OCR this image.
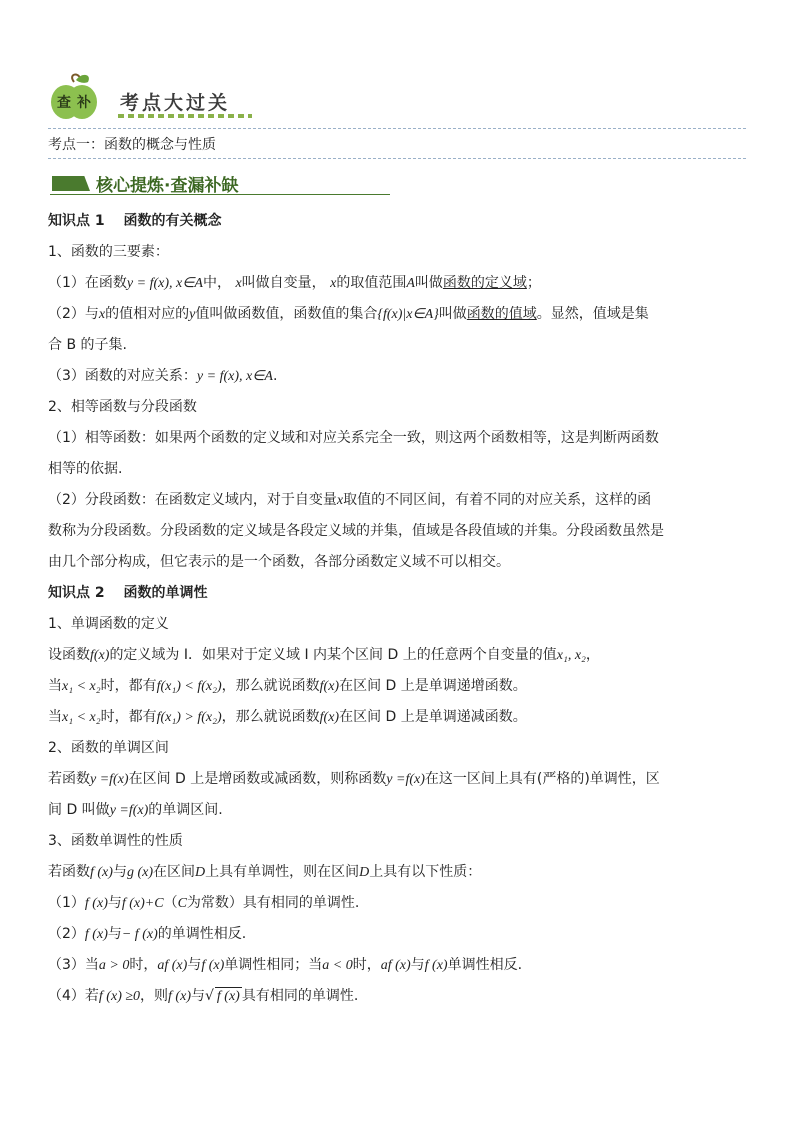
查 补 考点大过关
考点一：函数的概念与性质
核心提炼·查漏补缺

知识点 1　 函数的有关概念

1、函数的三要素：

（1）在函数y = f(x), x∈A中， x叫做自变量， x的取值范围A叫做函数的定义域；

（2）与x的值相对应的y值叫做函数值，函数值的集合{f(x)|x∈A}叫做函数的值域。显然，值域是集

合 B 的子集.

（3）函数的对应关系：y = f(x), x∈A.

2、相等函数与分段函数

（1）相等函数：如果两个函数的定义域和对应关系完全一致，则这两个函数相等，这是判断两函数

相等的依据.

（2）分段函数：在函数定义域内，对于自变量x取值的不同区间，有着不同的对应关系，这样的函

数称为分段函数。分段函数的定义域是各段定义域的并集，值域是各段值域的并集。分段函数虽然是

由几个部分构成，但它表示的是一个函数，各部分函数定义域不可以相交。

知识点 2　 函数的单调性

1、单调函数的定义

设函数f(x)的定义域为 I．如果对于定义域 I 内某个区间 D 上的任意两个自变量的值x₁, x₂，

当x₁ < x₂时，都有f(x₁) < f(x₂)，那么就说函数f(x)在区间 D 上是单调递增函数。

当x₁ < x₂时，都有f(x₁) > f(x₂)，那么就说函数f(x)在区间 D 上是单调递减函数。

2、函数的单调区间

若函数y =f(x)在区间 D 上是增函数或减函数，则称函数y =f(x)在这一区间上具有(严格的)单调性，区

间 D 叫做y =f(x)的单调区间.

3、函数单调性的性质

若函数f (x)与g (x)在区间D上具有单调性，则在区间D上具有以下性质：

（1）f (x)与f (x)+C（C为常数）具有相同的单调性.

（2）f (x)与− f (x)的单调性相反.

（3）当a > 0时，af (x)与f (x)单调性相同；当a < 0时，af (x)与f (x)单调性相反.

（4）若f (x) ≥0，则f (x)与√ f (x) 具有相同的单调性.
